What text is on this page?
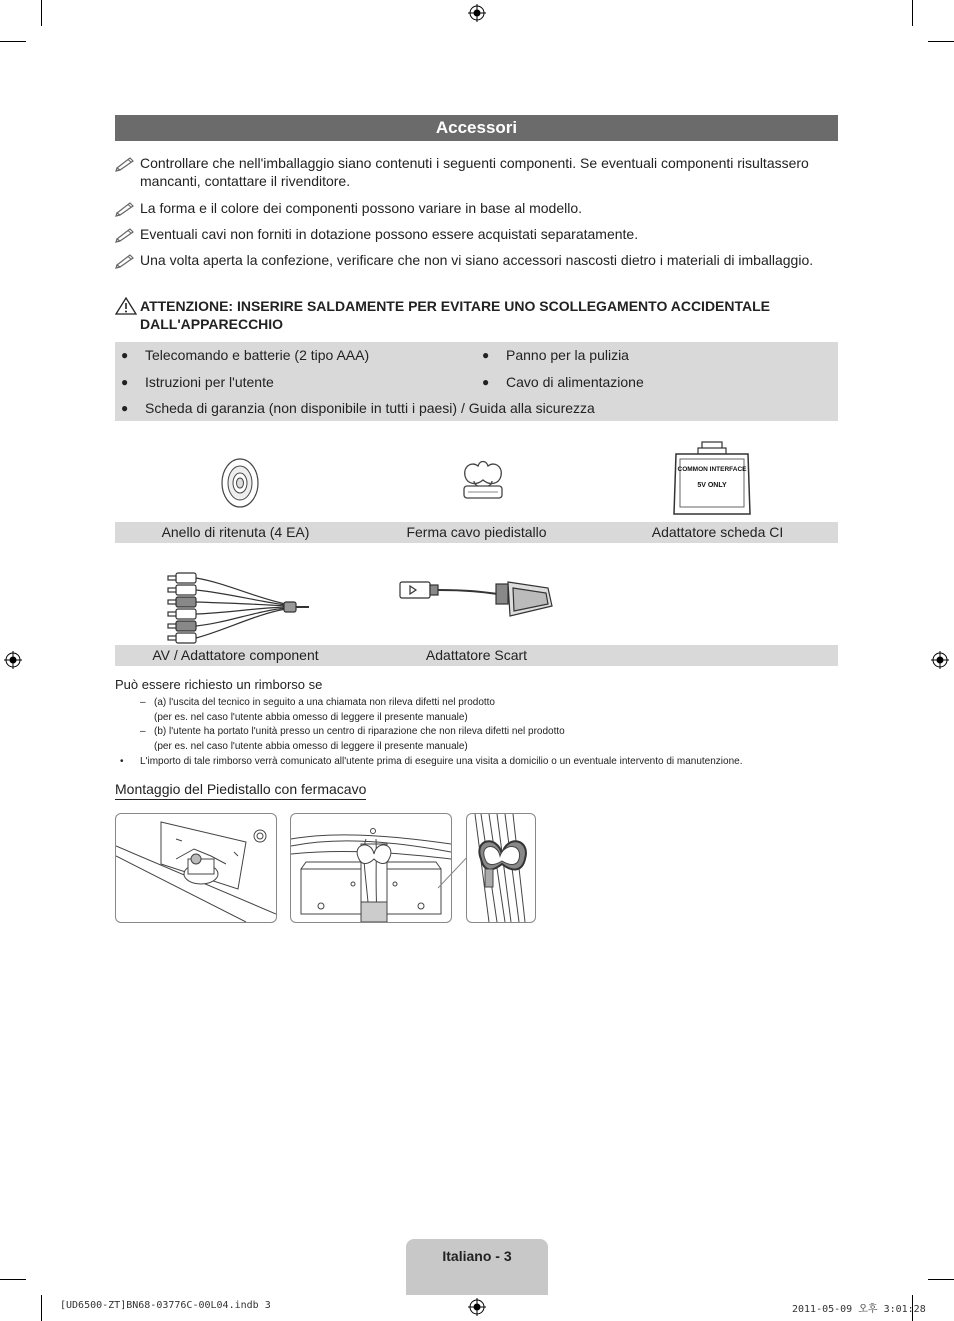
Accessori
Controllare che nell'imballaggio siano contenuti i seguenti componenti. Se eventuali componenti risultassero mancanti, contattare il rivenditore.
La forma e il colore dei componenti possono variare in base al modello.
Eventuali cavi non forniti in dotazione possono essere acquistati separatamente.
Una volta aperta la confezione, verificare che non vi siano accessori nascosti dietro i materiali di imballaggio.
ATTENZIONE: INSERIRE SALDAMENTE PER EVITARE UNO SCOLLEGAMENTO ACCIDENTALE DALL'APPARECCHIO
● Telecomando e batterie (2 tipo AAA)	● Panno per la pulizia
● Istruzioni per l'utente	● Cavo di alimentazione
● Scheda di garanzia (non disponibile in tutti i paesi) / Guida alla sicurezza
COMMON INTERFACE
5V ONLY
Anello di ritenuta (4 EA)	Ferma cavo piedistallo	Adattatore scheda CI
AV / Adattatore component	Adattatore Scart
Può essere richiesto un rimborso se
– (a) l'uscita del tecnico in seguito a una chiamata non rileva difetti nel prodotto
(per es. nel caso l'utente abbia omesso di leggere il presente manuale)
– (b) l'utente ha portato l'unità presso un centro di riparazione che non rileva difetti nel prodotto
(per es. nel caso l'utente abbia omesso di leggere il presente manuale)
• L'importo di tale rimborso verrà comunicato all'utente prima di eseguire una visita a domicilio o un eventuale intervento di manutenzione.
Montaggio del Piedistallo con fermacavo
Italiano - 3
[UD6500-ZT]BN68-03776C-00L04.indb 3	2011-05-09 오후 3:01:28
